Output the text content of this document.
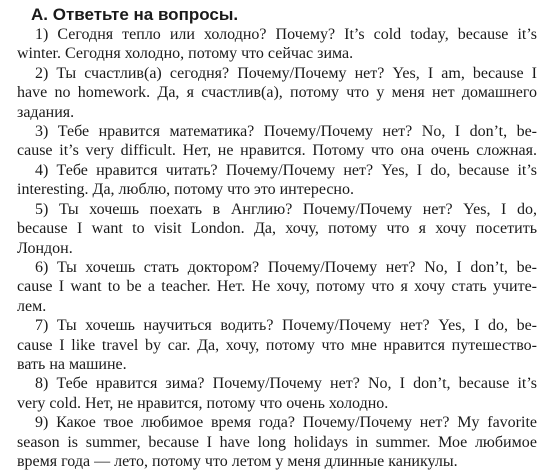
А. Ответьте на вопросы.

1) Сегодня тепло или холодно? Почему? It’s cold today, because it’s

winter. Сегодня холодно, потому что сейчас зима.

2) Ты счастлив(а) сегодня? Почему/Почему нет? Yes, I am, because I

have no homework. Да, я счастлив(а), потому что у меня нет домашнего

задания.

3) Тебе нравится математика? Почему/Почему нет? No, I don’t, be-

cause it’s very difficult. Нет, не нравится. Потому что она очень сложная.

4) Тебе нравится читать? Почему/Почему нет? Yes, I do, because it’s

interesting. Да, люблю, потому что это интересно.

5) Ты хочешь поехать в Англию? Почему/Почему нет? Yes, I do,

because I want to visit London. Да, хочу, потому что я хочу посетить

Лондон.

6) Ты хочешь стать доктором? Почему/Почему нет? No, I don’t, be-

cause I want to be a teacher. Нет. Не хочу, потому что я хочу стать учите-

лем.

7) Ты хочешь научиться водить? Почему/Почему нет? Yes, I do, be-

cause I like travel by car. Да, хочу, потому что мне нравится путешество-

вать на машине.

8) Тебе нравится зима? Почему/Почему нет? No, I don’t, because it’s

very cold. Нет, не нравится, потому что очень холодно.

9) Какое твое любимое время года? Почему/Почему нет? My favorite

season is summer, because I have long holidays in summer. Мое любимое

время года — лето, потому что летом у меня длинные каникулы.
